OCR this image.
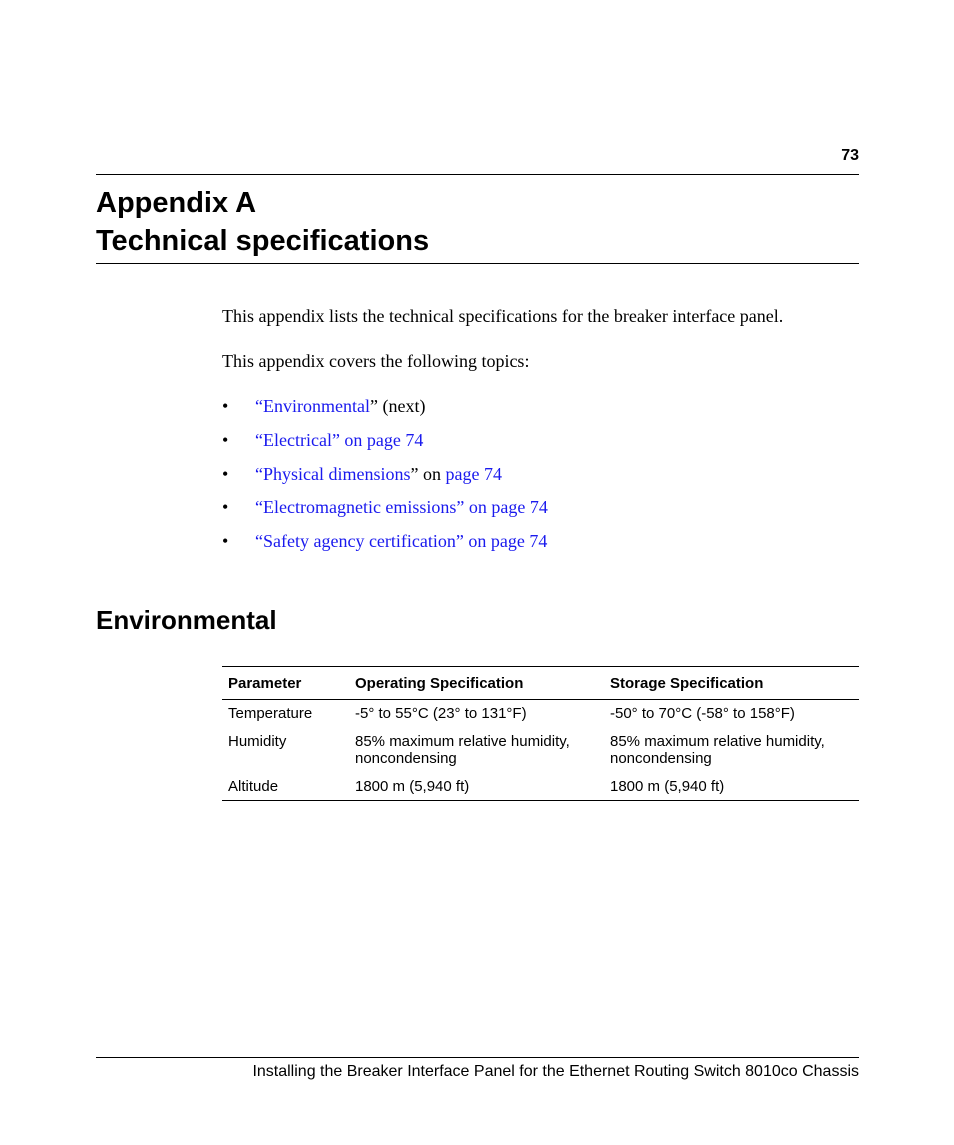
73
Appendix A
Technical specifications

This appendix lists the technical specifications for the breaker interface panel.

This appendix covers the following topics:

• “Environmental” (next)
• “Electrical” on page 74
• “Physical dimensions” on page 74
• “Electromagnetic emissions” on page 74
• “Safety agency certification” on page 74
Environmental
Parameter	Operating Specification	Storage Specification
Temperature	-5° to 55°C (23° to 131°F)	-50° to 70°C (-58° to 158°F)
Humidity	85% maximum relative humidity, noncondensing	85% maximum relative humidity, noncondensing
Altitude	1800 m (5,940 ft)	1800 m (5,940 ft)
Installing the Breaker Interface Panel for the Ethernet Routing Switch 8010co Chassis
